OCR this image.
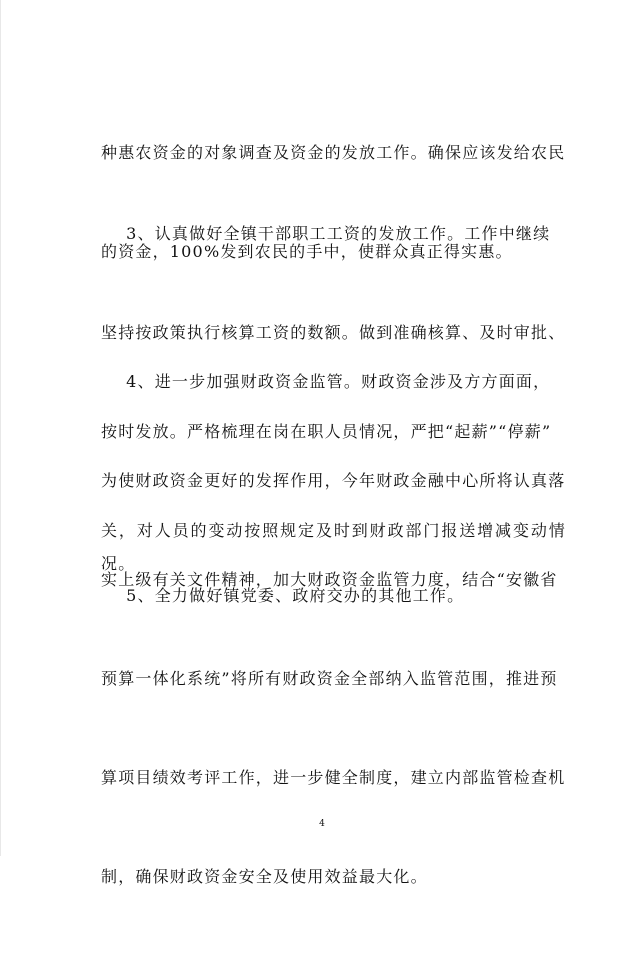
种惠农资金的对象调查及资金的发放工作。确保应该发给农民

的资金，100%发到农民的手中，使群众真正得实惠。

3、认真做好全镇干部职工工资的发放工作。工作中继续

坚持按政策执行核算工资的数额。做到准确核算、及时审批、

按时发放。严格梳理在岗在职人员情况，严把“起薪”“停薪”

关，对人员的变动按照规定及时到财政部门报送增减变动情况。

4、进一步加强财政资金监管。财政资金涉及方方面面，

为使财政资金更好的发挥作用，今年财政金融中心所将认真落

实上级有关文件精神，加大财政资金监管力度，结合“安徽省

预算一体化系统”将所有财政资金全部纳入监管范围，推进预

算项目绩效考评工作，进一步健全制度，建立内部监管检查机

制，确保财政资金安全及使用效益最大化。

5、全力做好镇党委、政府交办的其他工作。

4
